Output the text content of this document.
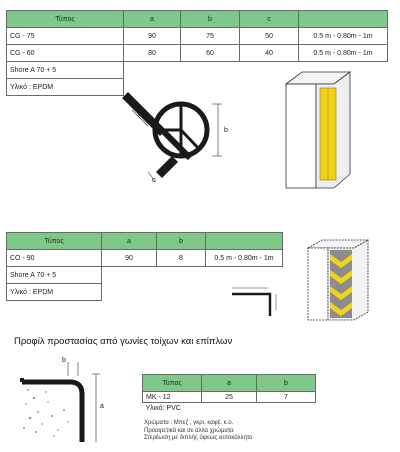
Τύπος	a	b	c	
CG - 75	90	75	50	0.5 m - 0.80m - 1m
CG - 60	80	60	40	0.5 m - 0.80m - 1m
Shore A 70 + 5				
Υλικό : EPDM				
b
a
c
Τύπος	a	b	
CO - 90	90	8	0.5 m - 0.80m - 1m
Shore A 70 + 5			
Υλικό : EPDM			
Προφίλ προστασίας από γωνίες τοίχων και επίπλων
b
a
Τύπος	a	b
MK - 12	25	7
Υλικό: PVC		
Χρώματα : Μπεζ , γκρι, καφέ, κ.ο.
Προαιρετικά και σε άλλα χρώματα
Στερέωση με διπλής όψεως αυτοκόλλητο
